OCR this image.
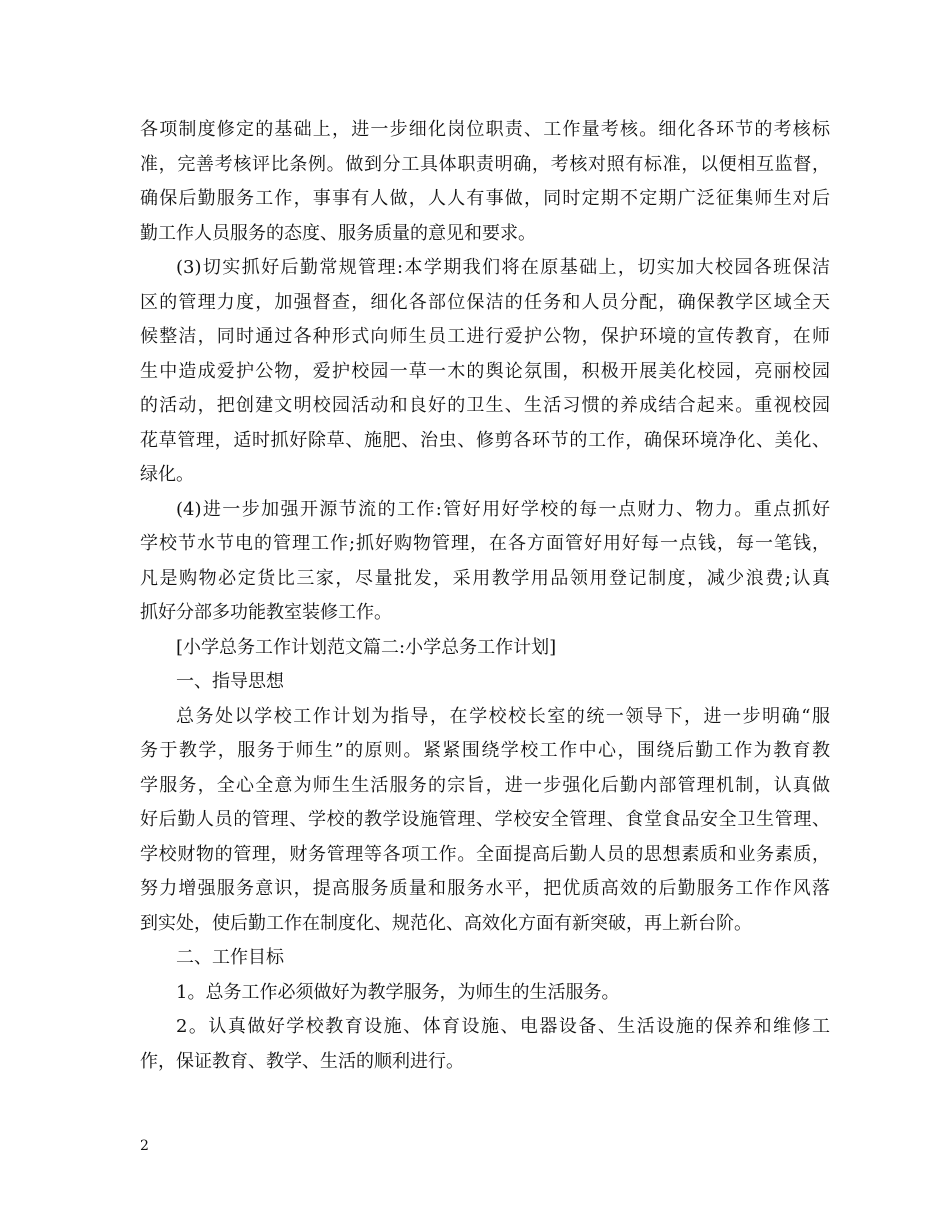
各项制度修定的基础上，进一步细化岗位职责、工作量考核。细化各环节的考核标
准，完善考核评比条例。做到分工具体职责明确，考核对照有标准，以便相互监督，
确保后勤服务工作，事事有人做，人人有事做，同时定期不定期广泛征集师生对后
勤工作人员服务的态度、服务质量的意见和要求。
(3)切实抓好后勤常规管理:本学期我们将在原基础上，切实加大校园各班保洁
区的管理力度，加强督查，细化各部位保洁的任务和人员分配，确保教学区域全天
候整洁，同时通过各种形式向师生员工进行爱护公物，保护环境的宣传教育，在师
生中造成爱护公物，爱护校园一草一木的舆论氛围，积极开展美化校园，亮丽校园
的活动，把创建文明校园活动和良好的卫生、生活习惯的养成结合起来。重视校园
花草管理，适时抓好除草、施肥、治虫、修剪各环节的工作，确保环境净化、美化、
绿化。
(4)进一步加强开源节流的工作:管好用好学校的每一点财力、物力。重点抓好
学校节水节电的管理工作;抓好购物管理，在各方面管好用好每一点钱，每一笔钱，
凡是购物必定货比三家，尽量批发，采用教学用品领用登记制度，减少浪费;认真
抓好分部多功能教室装修工作。
[小学总务工作计划范文篇二:小学总务工作计划]
一、指导思想
总务处以学校工作计划为指导，在学校校长室的统一领导下，进一步明确“服
务于教学，服务于师生”的原则。紧紧围绕学校工作中心，围绕后勤工作为教育教
学服务，全心全意为师生生活服务的宗旨，进一步强化后勤内部管理机制，认真做
好后勤人员的管理、学校的教学设施管理、学校安全管理、食堂食品安全卫生管理、
学校财物的管理，财务管理等各项工作。全面提高后勤人员的思想素质和业务素质，
努力增强服务意识，提高服务质量和服务水平，把优质高效的后勤服务工作作风落
到实处，使后勤工作在制度化、规范化、高效化方面有新突破，再上新台阶。
二、工作目标
1。总务工作必须做好为教学服务，为师生的生活服务。
2。认真做好学校教育设施、体育设施、电器设备、生活设施的保养和维修工
作，保证教育、教学、生活的顺利进行。
2
